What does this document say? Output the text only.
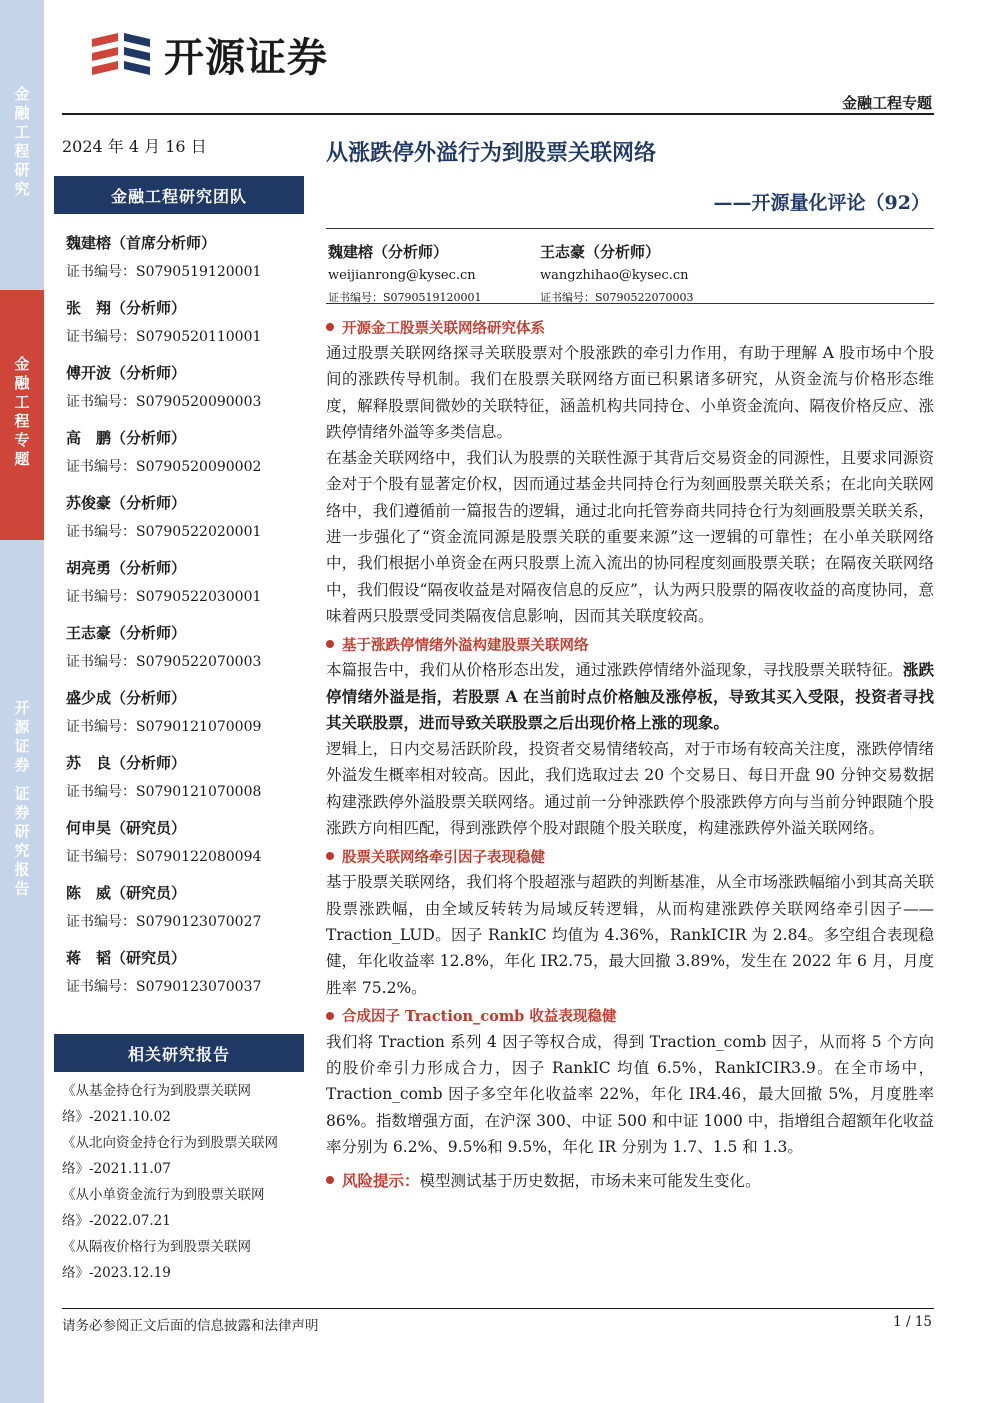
金融工程研究
金融工程专题
开源证券 证券研究报告
开源证券
金融工程专题
2024 年 4 月 16 日	从涨跌停外溢行为到股票关联网络
——开源量化评论（92）
金融工程研究团队
魏建榕（首席分析师）
证书编号：S0790519120001
张　翔（分析师）
证书编号：S0790520110001
傅开波（分析师）
证书编号：S0790520090003
高　鹏（分析师）
证书编号：S0790520090002
苏俊豪（分析师）
证书编号：S0790522020001
胡亮勇（分析师）
证书编号：S0790522030001
王志豪（分析师）
证书编号：S0790522070003
盛少成（分析师）
证书编号：S0790121070009
苏　良（分析师）
证书编号：S0790121070008
何申昊（研究员）
证书编号：S0790122080094
陈　威（研究员）
证书编号：S0790123070027
蒋　韬（研究员）
证书编号：S0790123070037
相关研究报告
《从基金持仓行为到股票关联网络》-2021.10.02
《从北向资金持仓行为到股票关联网络》-2021.11.07
《从小单资金流行为到股票关联网络》-2022.07.21
《从隔夜价格行为到股票关联网络》-2023.12.19
魏建榕（分析师）
weijianrong@kysec.cn
证书编号：S0790519120001
王志豪（分析师）
wangzhihao@kysec.cn
证书编号：S0790522070003
开源金工股票关联网络研究体系
通过股票关联网络探寻关联股票对个股涨跌的牵引力作用，有助于理解 A 股市场中个股间的涨跌传导机制。我们在股票关联网络方面已积累诸多研究，从资金流与价格形态维度，解释股票间微妙的关联特征，涵盖机构共同持仓、小单资金流向、隔夜价格反应、涨跌停情绪外溢等多类信息。
在基金关联网络中，我们认为股票的关联性源于其背后交易资金的同源性，且要求同源资金对于个股有显著定价权，因而通过基金共同持仓行为刻画股票关联关系；在北向关联网络中，我们遵循前一篇报告的逻辑，通过北向托管券商共同持仓行为刻画股票关联关系，进一步强化了“资金流同源是股票关联的重要来源”这一逻辑的可靠性；在小单关联网络中，我们根据小单资金在两只股票上流入流出的协同程度刻画股票关联；在隔夜关联网络中，我们假设“隔夜收益是对隔夜信息的反应”，认为两只股票的隔夜收益的高度协同，意味着两只股票受同类隔夜信息影响，因而其关联度较高。
基于涨跌停情绪外溢构建股票关联网络
本篇报告中，我们从价格形态出发，通过涨跌停情绪外溢现象，寻找股票关联特征。涨跌停情绪外溢是指，若股票 A 在当前时点价格触及涨停板，导致其买入受限，投资者寻找其关联股票，进而导致关联股票之后出现价格上涨的现象。
逻辑上，日内交易活跃阶段，投资者交易情绪较高，对于市场有较高关注度，涨跌停情绪外溢发生概率相对较高。因此，我们选取过去 20 个交易日、每日开盘 90 分钟交易数据构建涨跌停外溢股票关联网络。通过前一分钟涨跌停个股涨跌停方向与当前分钟跟随个股涨跌方向相匹配，得到涨跌停个股对跟随个股关联度，构建涨跌停外溢关联网络。
股票关联网络牵引因子表现稳健
基于股票关联网络，我们将个股超涨与超跌的判断基准，从全市场涨跌幅缩小到其高关联股票涨跌幅，由全域反转转为局域反转逻辑，从而构建涨跌停关联网络牵引因子——Traction_LUD。因子 RankIC 均值为 4.36%，RankICIR 为 2.84。多空组合表现稳健，年化收益率 12.8%，年化 IR2.75，最大回撤 3.89%，发生在 2022 年 6 月，月度胜率 75.2%。
合成因子 Traction_comb 收益表现稳健
我们将 Traction 系列 4 因子等权合成，得到 Traction_comb 因子，从而将 5 个方向的股价牵引力形成合力，因子 RankIC 均值 6.5%，RankICIR3.9。在全市场中，Traction_comb 因子多空年化收益率 22%，年化 IR4.46，最大回撤 5%，月度胜率 86%。指数增强方面，在沪深 300、中证 500 和中证 1000 中，指增组合超额年化收益率分别为 6.2%、9.5%和 9.5%，年化 IR 分别为 1.7、1.5 和 1.3。
风险提示： 模型测试基于历史数据，市场未来可能发生变化。
请务必参阅正文后面的信息披露和法律声明	1 / 15
